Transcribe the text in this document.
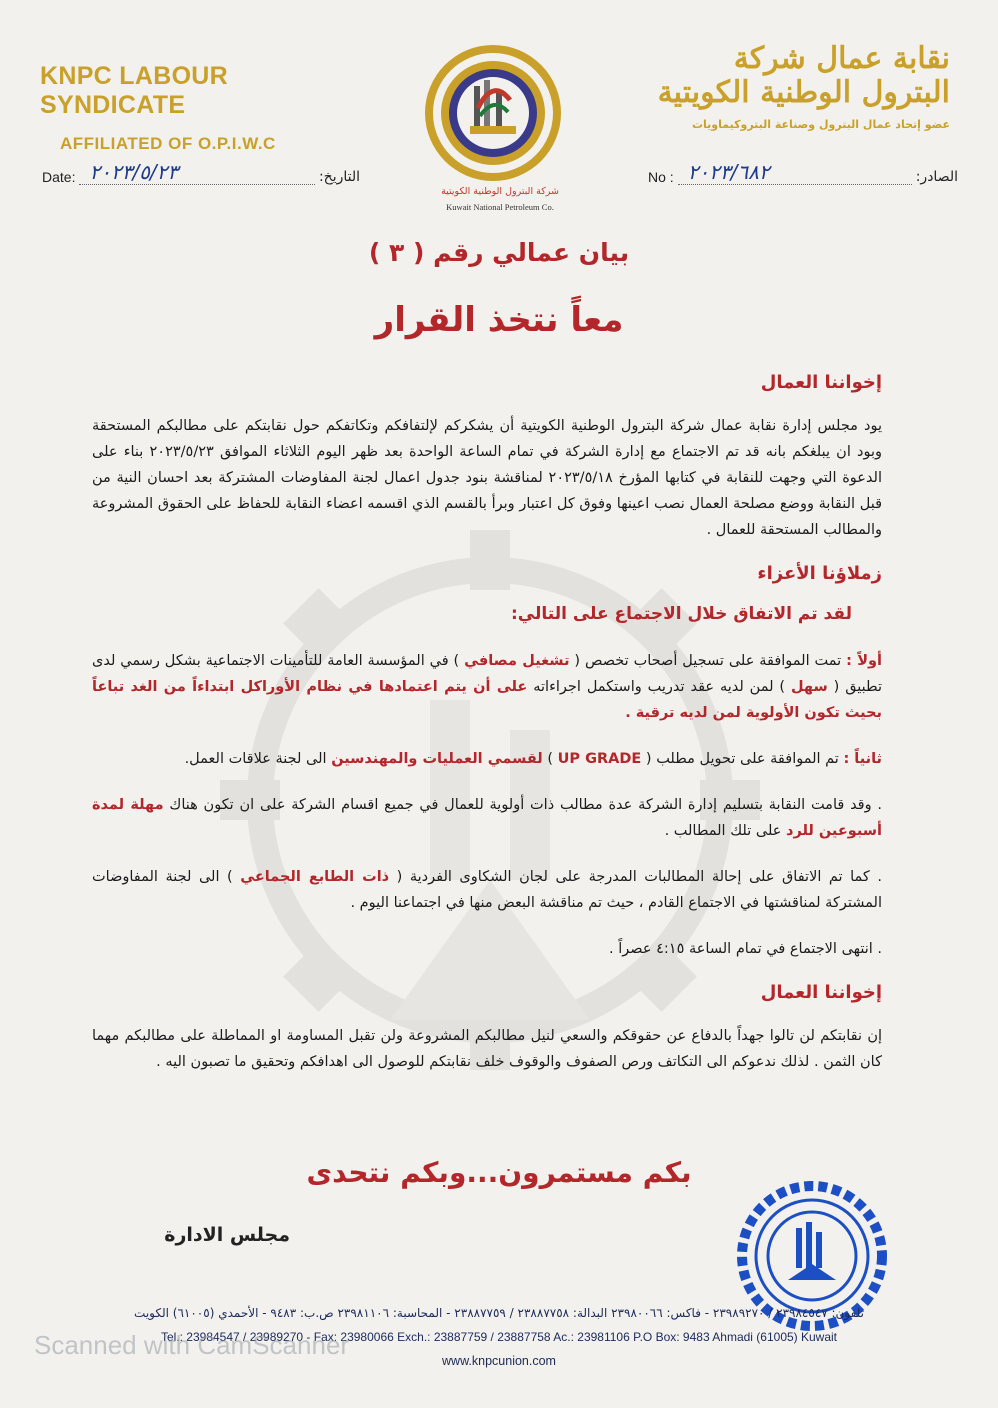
KNPC LABOUR SYNDICATE
AFFILIATED OF O.P.I.W.C
شركة البترول الوطنية الكويتية
Kuwait National Petroleum Co.
نقابة عمال شركة
البترول الوطنية الكويتية
عضو إتحاد عمال البترول وصناعة البتروكيماويات
Date: ٢٠٢٣/٥/٢٣	التاريخ:	No : ٢٠٢٣/٦٨٢	الصادر:
بيان عمالي رقم ( ٣ )
معاً نتخذ القرار

إخواننا العمال

يود مجلس إدارة نقابة عمال شركة البترول الوطنية الكويتية أن يشكركم لإلتفافكم وتكاتفكم حول نقابتكم على مطالبكم المستحقة وبود ان يبلغكم بانه قد تم الاجتماع مع إدارة الشركة في تمام الساعة الواحدة بعد ظهر اليوم الثلاثاء الموافق ٢٠٢٣/٥/٢٣ بناء على الدعوة التي وجهت للنقابة في كتابها المؤرخ ٢٠٢٣/٥/١٨ لمناقشة بنود جدول اعمال لجنة المفاوضات المشتركة بعد احسان النية من قبل النقابة ووضع مصلحة العمال نصب اعينها وفوق كل اعتبار وبرأ بالقسم الذي اقسمه اعضاء النقابة للحفاظ على الحقوق المشروعة والمطالب المستحقة للعمال .

زملاؤنا الأعزاء

لقد تم الاتفاق خلال الاجتماع على التالي:

أولاً : تمت الموافقة على تسجيل أصحاب تخصص ( تشغيل مصافي ) في المؤسسة العامة للتأمينات الاجتماعية بشكل رسمي لدى تطبيق ( سهل ) لمن لديه عقد تدريب واستكمل اجراءاته على أن يتم اعتمادها في نظام الأوراكل ابتداءاً من الغد تباعاً بحيث تكون الأولوية لمن لديه ترقية .

ثانياً : تم الموافقة على تحويل مطلب ( UP GRADE ) لقسمي العمليات والمهندسين الى لجنة علاقات العمل.

. وقد قامت النقابة بتسليم إدارة الشركة عدة مطالب ذات أولوية للعمال في جميع اقسام الشركة على ان تكون هناك مهلة لمدة أسبوعين للرد على تلك المطالب .

. كما تم الاتفاق على إحالة المطالبات المدرجة على لجان الشكاوى الفردية ( ذات الطابع الجماعي ) الى لجنة المفاوضات المشتركة لمناقشتها في الاجتماع القادم ، حيث تم مناقشة البعض منها في اجتماعنا اليوم .

. انتهى الاجتماع في تمام الساعة ٤:١٥ عصراً .

إخواننا العمال

إن نقابتكم لن تالوا جهداً بالدفاع عن حقوقكم والسعي لنيل مطالبكم المشروعة ولن تقبل المساومة او المماطلة على مطالبكم مهما كان الثمن . لذلك ندعوكم الى التكاتف ورص الصفوف والوقوف خلف نقابتكم للوصول الى اهدافكم وتحقيق ما تصبون اليه .

بكم مستمرون...وبكم نتحدى
مجلس الادارة
تلفون: ٢٣٩٨٤٥٤٧ / ٢٣٩٨٩٢٧٠ - فاكس: ٢٣٩٨٠٠٦٦ البدالة: ٢٣٨٨٧٧٥٨ / ٢٣٨٨٧٧٥٩ - المحاسبة: ٢٣٩٨١١٠٦ ص.ب: ٩٤٨٣ - الأحمدي (٦١٠٠٥) الكويت
Tel.: 23984547 / 23989270 - Fax: 23980066 Exch.: 23887759 / 23887758 Ac.: 23981106 P.O Box: 9483 Ahmadi (61005) Kuwait
www.knpcunion.com
Scanned with CamScanner
